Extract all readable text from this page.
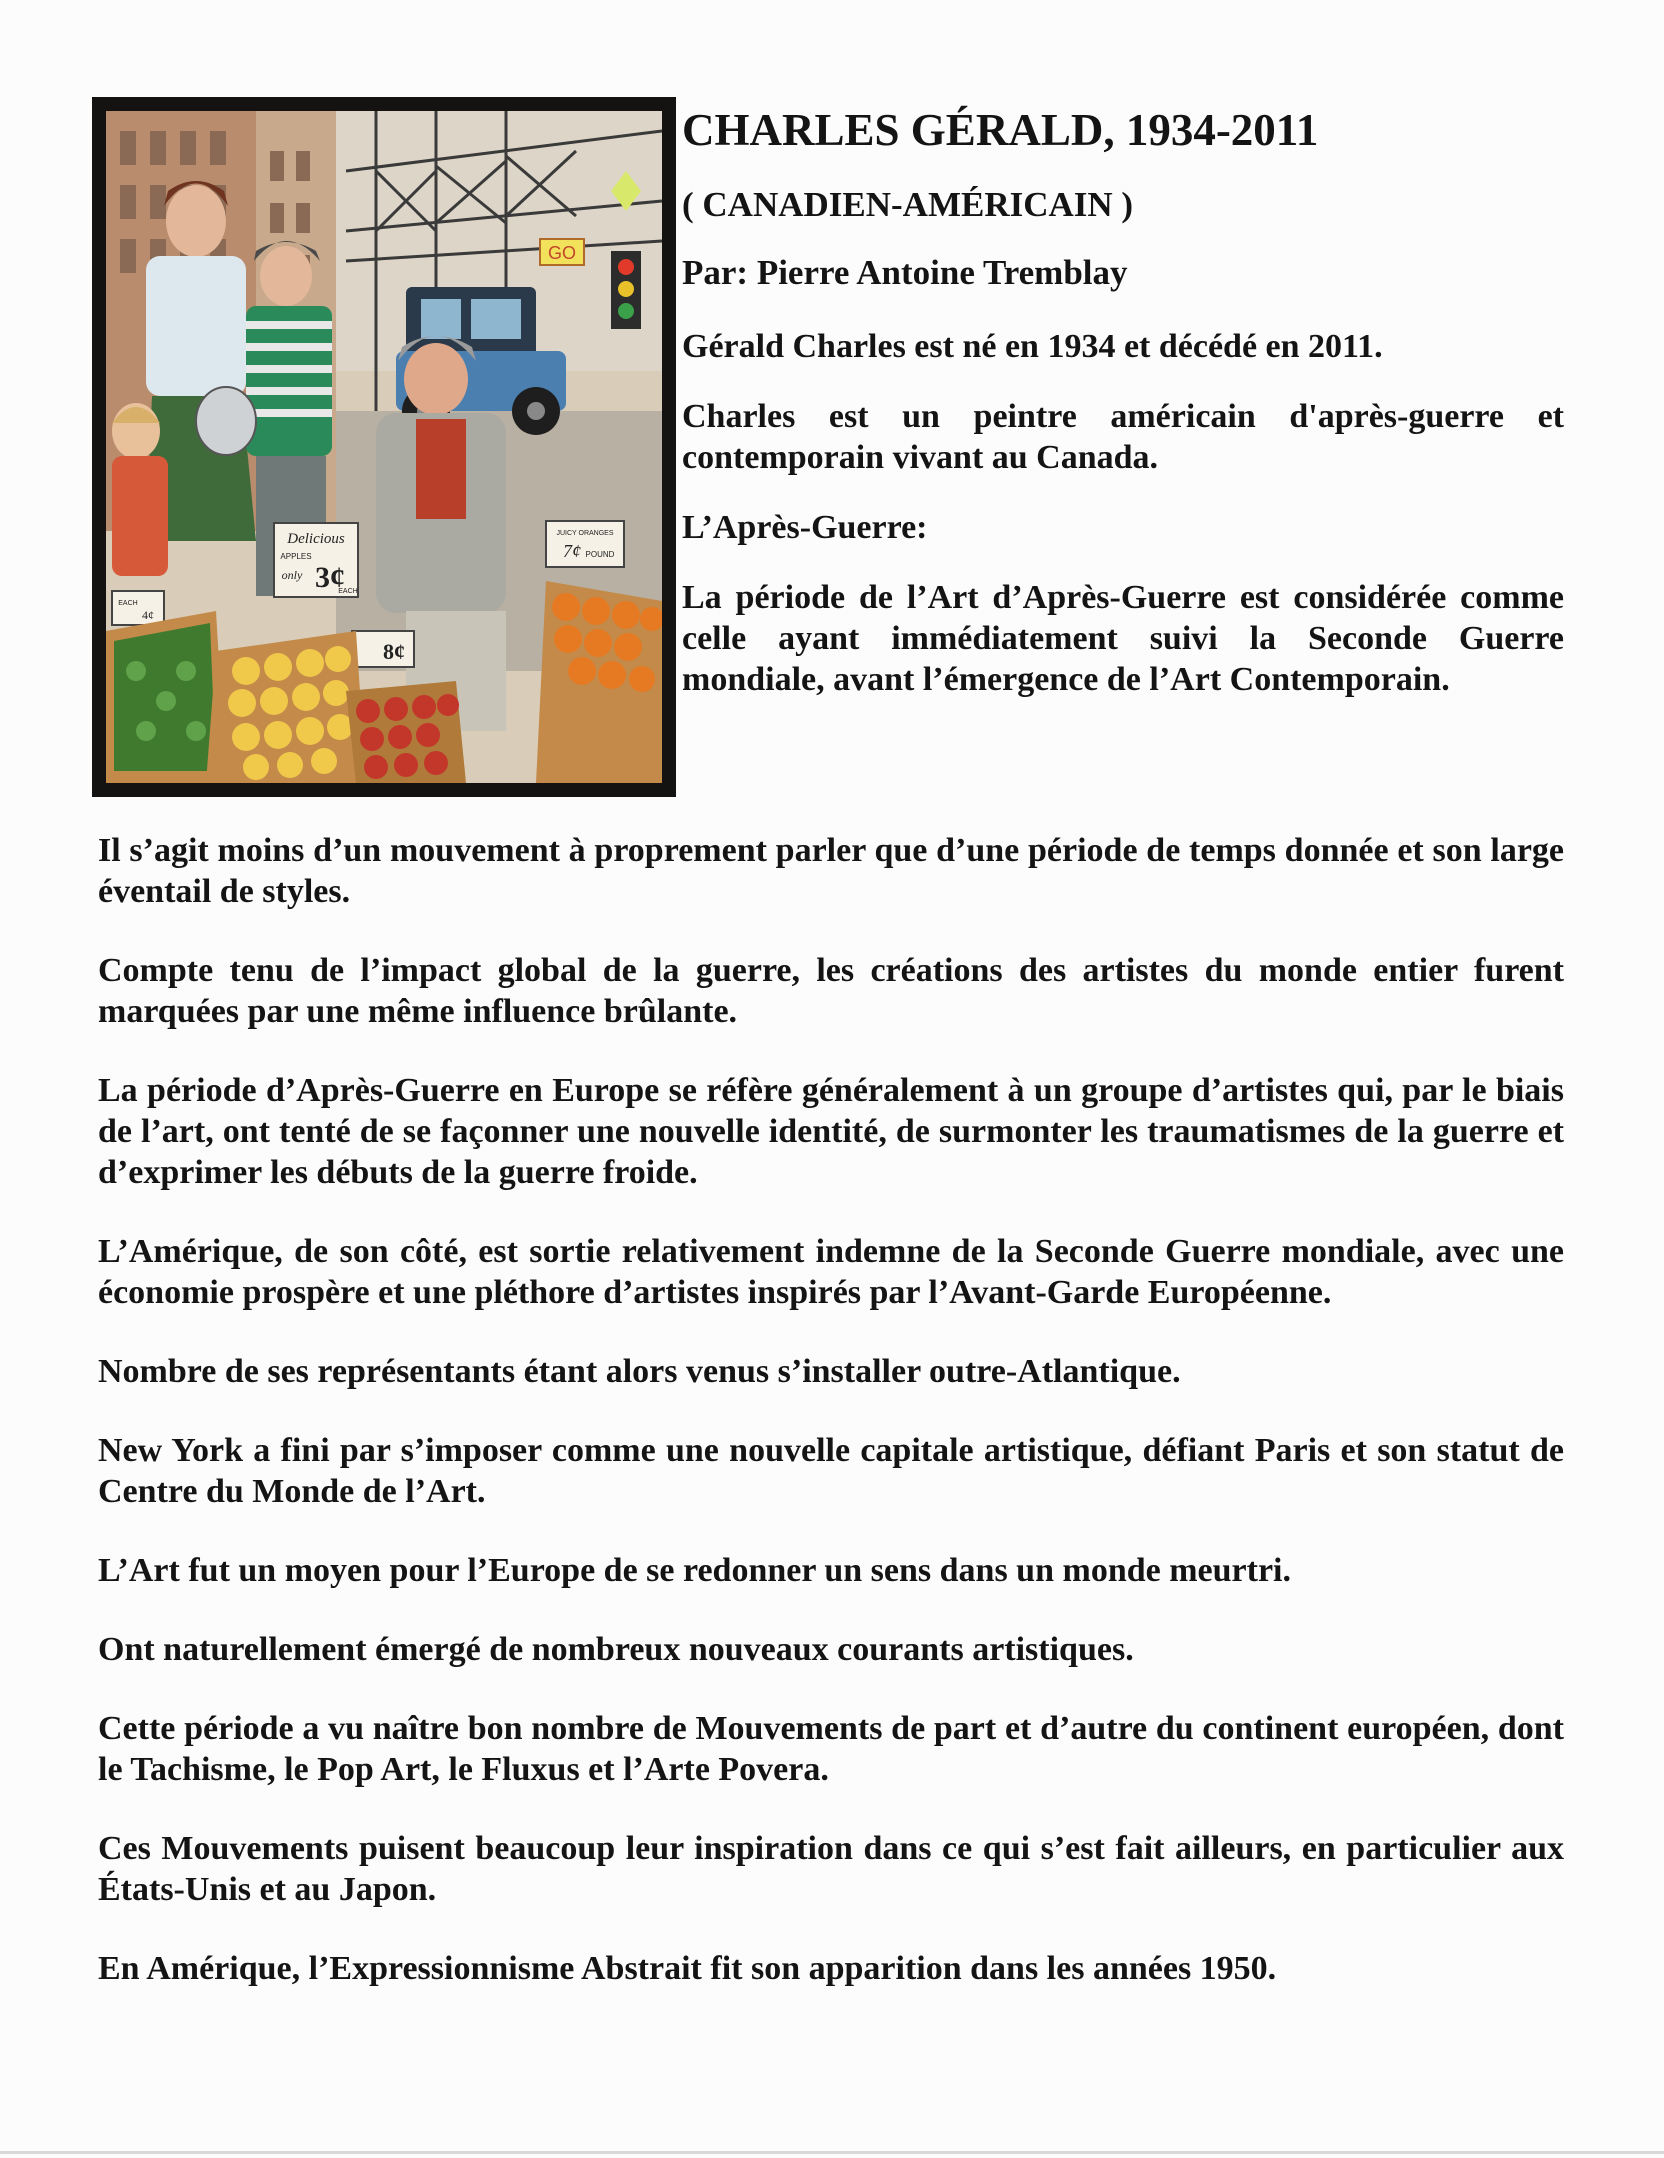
GO
Delicious
APPLES
only 3¢
EACH
JUICY ORANGES
7¢ POUND
8¢
EACH
4¢
CHARLES GÉRALD, 1934-2011
( CANADIEN-AMÉRICAIN )
Par: Pierre Antoine Tremblay

Gérald Charles est né en 1934 et décédé en 2011.

Charles est un peintre américain d'après-guerre et contemporain vivant au Canada.

L’Après-Guerre:

La période de l’Art d’Après-Guerre est considérée comme celle ayant immédiatement suivi la Seconde Guerre mondiale, avant l’émergence de l’Art Contemporain.

Il s’agit moins d’un mouvement à proprement parler que d’une période de temps donnée et son large éventail de styles.

Compte tenu de l’impact global de la guerre, les créations des artistes du monde entier furent marquées par une même influence brûlante.

La période d’Après-Guerre en Europe se réfère généralement à un groupe d’artistes qui, par le biais de l’art, ont tenté de se façonner une nouvelle identité, de surmonter les traumatismes de la guerre et d’exprimer les débuts de la guerre froide.

L’Amérique, de son côté, est sortie relativement indemne de la Seconde Guerre mondiale, avec une économie prospère et une pléthore d’artistes inspirés par l’Avant-Garde Européenne.

Nombre de ses représentants étant alors venus s’installer outre-Atlantique.

New York a fini par s’imposer comme une nouvelle capitale artistique, défiant Paris et son statut de Centre du Monde de l’Art.

L’Art fut un moyen pour l’Europe de se redonner un sens dans un monde meurtri.

Ont naturellement émergé de nombreux nouveaux courants artistiques.

Cette période a vu naître bon nombre de Mouvements de part et d’autre du continent européen, dont le Tachisme, le Pop Art, le Fluxus et l’Arte Povera.

Ces Mouvements puisent beaucoup leur inspiration dans ce qui s’est fait ailleurs, en particulier aux États-Unis et au Japon.

En Amérique, l’Expressionnisme Abstrait fit son apparition dans les années 1950.
